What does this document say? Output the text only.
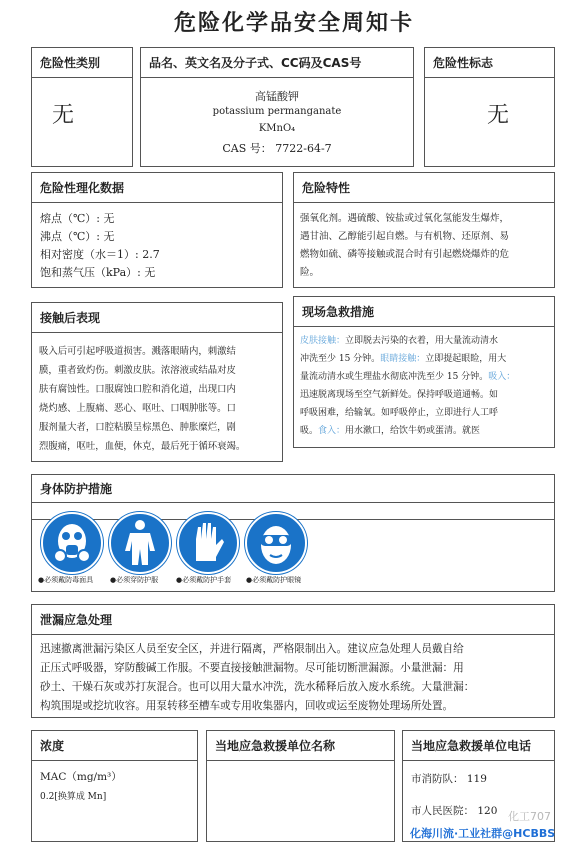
危险化学品安全周知卡
危险性类别
无
品名、英文名及分子式、CC码及CAS号
高锰酸钾
potassium permanganate
KMnO₄
CAS 号： 7722-64-7
危险性标志
无
危险性理化数据
熔点（℃）: 无
沸点（℃）: 无
相对密度（水＝1）: 2.7
饱和蒸气压（kPa）: 无
危险特性
强氧化剂。遇硫酸、铵盐或过氧化氢能发生爆炸，
遇甘油、乙醇能引起自燃。与有机物、还原剂、易
燃物如硫、磷等接触或混合时有引起燃烧爆炸的危
险。
接触后表现
吸入后可引起呼吸道损害。溅落眼睛内，刺激结
膜，重者致灼伤。刺激皮肤。浓溶液或结晶对皮
肤有腐蚀性。口服腐蚀口腔和消化道，出现口内
烧灼感、上腹痛、恶心、呕吐、口咽肿胀等。口
服剂量大者，口腔粘膜呈棕黑色、肿胀糜烂，剧
烈腹痛，呕吐，血便，休克，最后死于循环衰竭。
现场急救措施
皮肤接触：立即脱去污染的衣着，用大量流动清水
冲洗至少 15 分钟。眼睛接触：立即提起眼睑，用大
量流动清水或生理盐水彻底冲洗至少 15 分钟。吸入：
迅速脱离现场至空气新鲜处。保持呼吸道通畅。如
呼吸困难，给输氧。如呼吸停止，立即进行人工呼
吸。食入：用水漱口，给饮牛奶或蛋清。就医
身体防护措施
●必须戴防毒面具 ●必须穿防护服	●必须戴防护手套 ●必须戴防护眼镜
泄漏应急处理
迅速撤离泄漏污染区人员至安全区，并进行隔离，严格限制出入。建议应急处理人员戴自给
正压式呼吸器，穿防酸碱工作服。不要直接接触泄漏物。尽可能切断泄漏源。小量泄漏：用
砂土、干燥石灰或苏打灰混合。也可以用大量水冲洗，洗水稀释后放入废水系统。大量泄漏：
构筑围堤或挖坑收容。用泵转移至槽车或专用收集器内，回收或运至废物处理场所处置。
浓度
MAC（mg/m³）
0.2[换算成 Mn]
当地应急救援单位名称	当地应急救援单位电话
市消防队： 119
市人民医院： 120 化工707
化海川流·工业社群@HCBBS
